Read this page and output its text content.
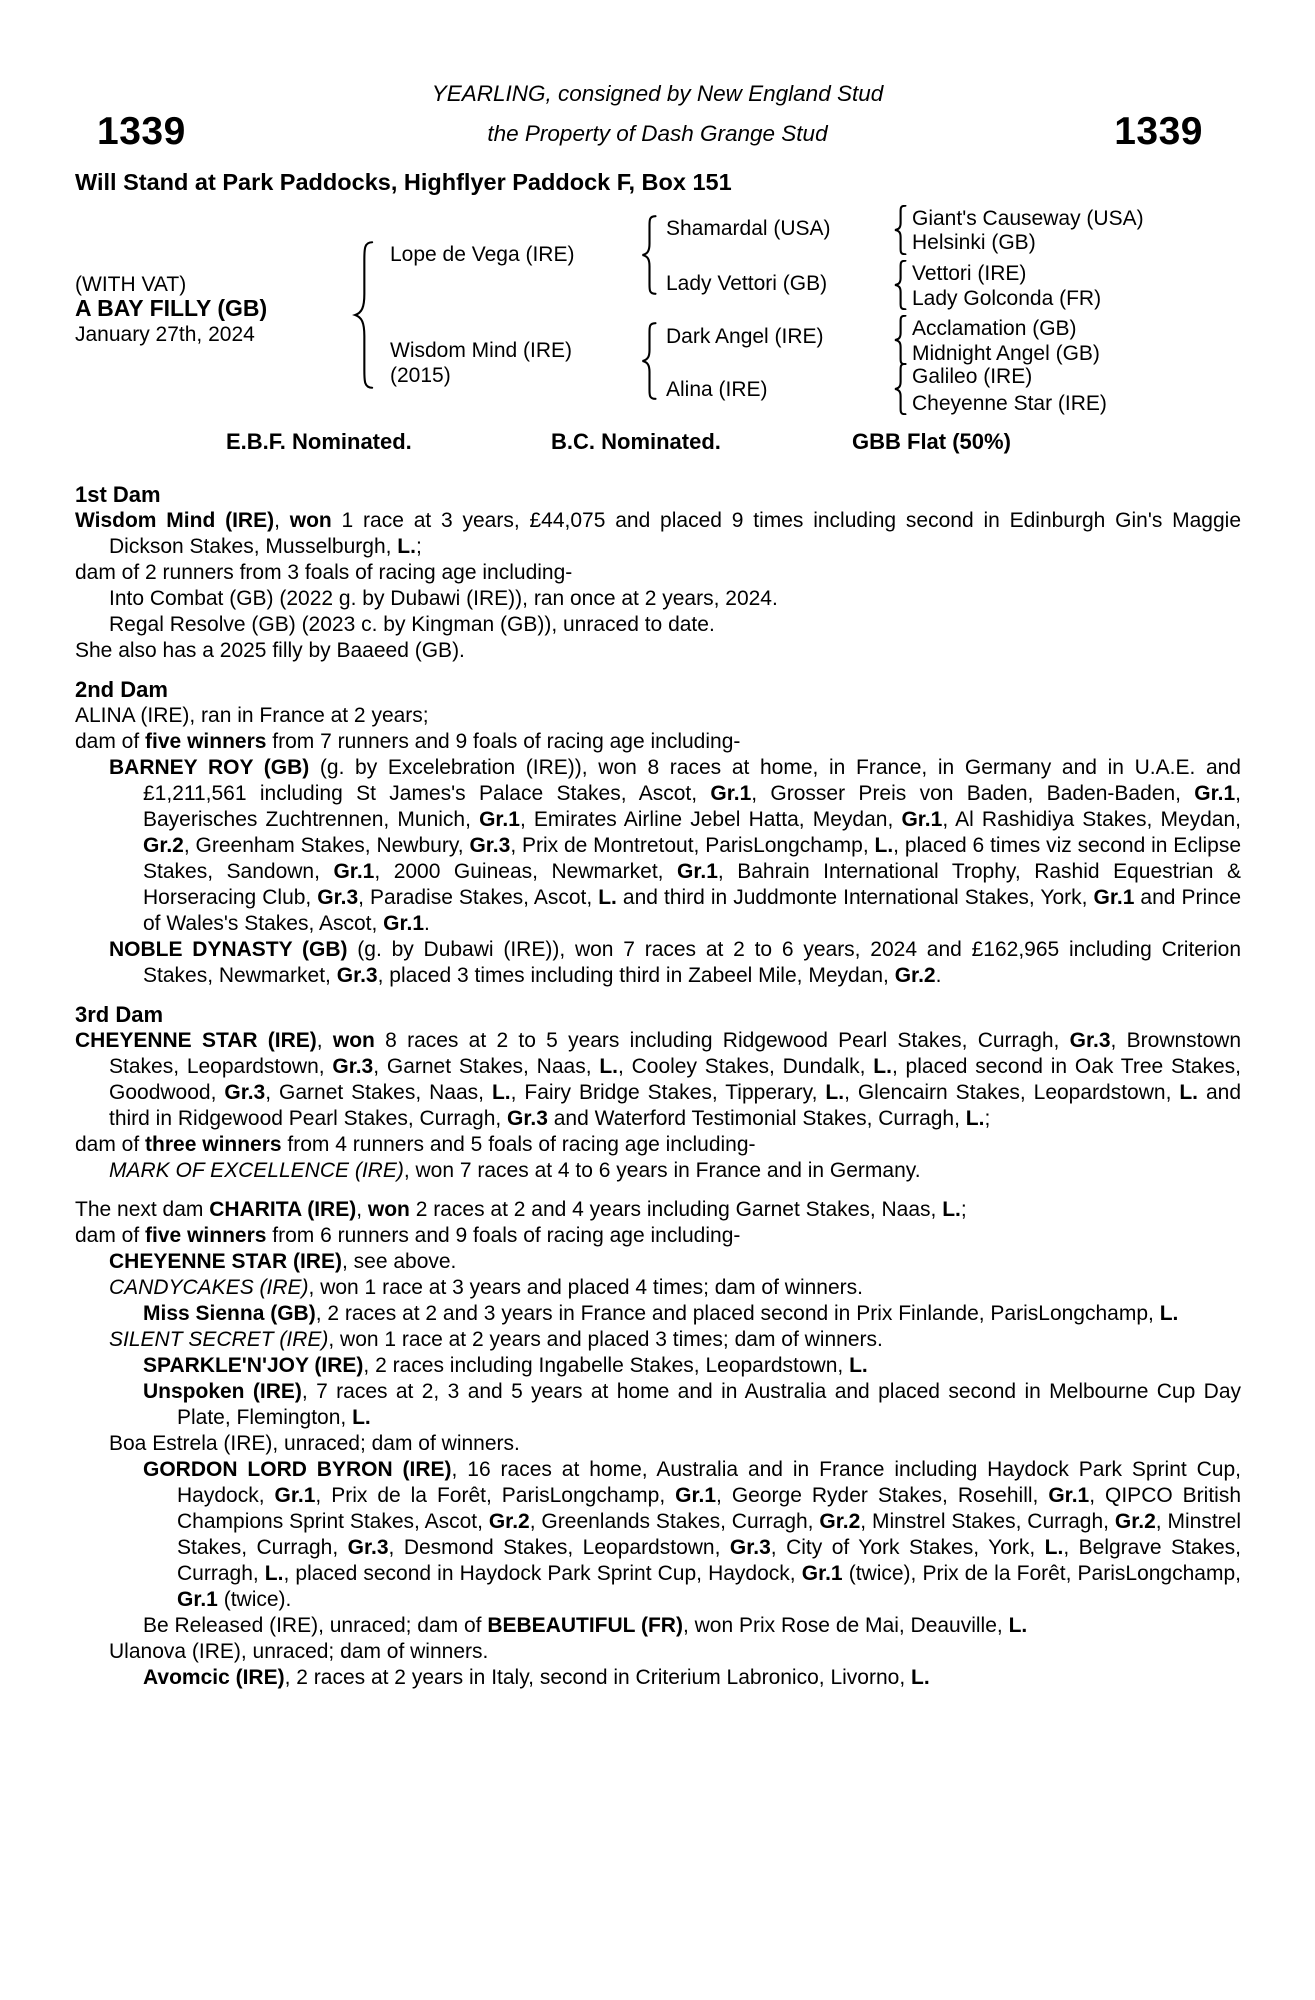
YEARLING, consigned by New England Stud
the Property of Dash Grange Stud
1339	1339
Will Stand at Park Paddocks, Highflyer Paddock F, Box 151
(WITH VAT)
A BAY FILLY (GB)
January 27th, 2024
Lope de Vega (IRE)
Wisdom Mind (IRE)
(2015)
Shamardal (USA)
Lady Vettori (GB)
Dark Angel (IRE)
Alina (IRE)
Giant's Causeway (USA)
Helsinki (GB)
Vettori (IRE)
Lady Golconda (FR)
Acclamation (GB)
Midnight Angel (GB)
Galileo (IRE)
Cheyenne Star (IRE)
E.B.F. Nominated.	B.C. Nominated.	GBB Flat (50%)

1st Dam

Wisdom Mind (IRE), won 1 race at 3 years, £44,075 and placed 9 times including second in Edinburgh Gin's Maggie Dickson Stakes, Musselburgh, L.;

dam of 2 runners from 3 foals of racing age including-

Into Combat (GB) (2022 g. by Dubawi (IRE)), ran once at 2 years, 2024.

Regal Resolve (GB) (2023 c. by Kingman (GB)), unraced to date.

She also has a 2025 filly by Baaeed (GB).

2nd Dam

ALINA (IRE), ran in France at 2 years;

dam of five winners from 7 runners and 9 foals of racing age including-

BARNEY ROY (GB) (g. by Excelebration (IRE)), won 8 races at home, in France, in Germany and in U.A.E. and £1,211,561 including St James's Palace Stakes, Ascot, Gr.1, Grosser Preis von Baden, Baden-Baden, Gr.1, Bayerisches Zuchtrennen, Munich, Gr.1, Emirates Airline Jebel Hatta, Meydan, Gr.1, Al Rashidiya Stakes, Meydan, Gr.2, Greenham Stakes, Newbury, Gr.3, Prix de Montretout, ParisLongchamp, L., placed 6 times viz second in Eclipse Stakes, Sandown, Gr.1, 2000 Guineas, Newmarket, Gr.1, Bahrain International Trophy, Rashid Equestrian & Horseracing Club, Gr.3, Paradise Stakes, Ascot, L. and third in Juddmonte International Stakes, York, Gr.1 and Prince of Wales's Stakes, Ascot, Gr.1.

NOBLE DYNASTY (GB) (g. by Dubawi (IRE)), won 7 races at 2 to 6 years, 2024 and £162,965 including Criterion Stakes, Newmarket, Gr.3, placed 3 times including third in Zabeel Mile, Meydan, Gr.2.

3rd Dam

CHEYENNE STAR (IRE), won 8 races at 2 to 5 years including Ridgewood Pearl Stakes, Curragh, Gr.3, Brownstown Stakes, Leopardstown, Gr.3, Garnet Stakes, Naas, L., Cooley Stakes, Dundalk, L., placed second in Oak Tree Stakes, Goodwood, Gr.3, Garnet Stakes, Naas, L., Fairy Bridge Stakes, Tipperary, L., Glencairn Stakes, Leopardstown, L. and third in Ridgewood Pearl Stakes, Curragh, Gr.3 and Waterford Testimonial Stakes, Curragh, L.;

dam of three winners from 4 runners and 5 foals of racing age including-

MARK OF EXCELLENCE (IRE), won 7 races at 4 to 6 years in France and in Germany.

The next dam CHARITA (IRE), won 2 races at 2 and 4 years including Garnet Stakes, Naas, L.;

dam of five winners from 6 runners and 9 foals of racing age including-

CHEYENNE STAR (IRE), see above.

CANDYCAKES (IRE), won 1 race at 3 years and placed 4 times; dam of winners.

Miss Sienna (GB), 2 races at 2 and 3 years in France and placed second in Prix Finlande, ParisLongchamp, L.

SILENT SECRET (IRE), won 1 race at 2 years and placed 3 times; dam of winners.

SPARKLE'N'JOY (IRE), 2 races including Ingabelle Stakes, Leopardstown, L.

Unspoken (IRE), 7 races at 2, 3 and 5 years at home and in Australia and placed second in Melbourne Cup Day Plate, Flemington, L.

Boa Estrela (IRE), unraced; dam of winners.

GORDON LORD BYRON (IRE), 16 races at home, Australia and in France including Haydock Park Sprint Cup, Haydock, Gr.1, Prix de la Forêt, ParisLongchamp, Gr.1, George Ryder Stakes, Rosehill, Gr.1, QIPCO British Champions Sprint Stakes, Ascot, Gr.2, Greenlands Stakes, Curragh, Gr.2, Minstrel Stakes, Curragh, Gr.2, Minstrel Stakes, Curragh, Gr.3, Desmond Stakes, Leopardstown, Gr.3, City of York Stakes, York, L., Belgrave Stakes, Curragh, L., placed second in Haydock Park Sprint Cup, Haydock, Gr.1 (twice), Prix de la Forêt, ParisLongchamp, Gr.1 (twice).

Be Released (IRE), unraced; dam of BEBEAUTIFUL (FR), won Prix Rose de Mai, Deauville, L.

Ulanova (IRE), unraced; dam of winners.

Avomcic (IRE), 2 races at 2 years in Italy, second in Criterium Labronico, Livorno, L.
